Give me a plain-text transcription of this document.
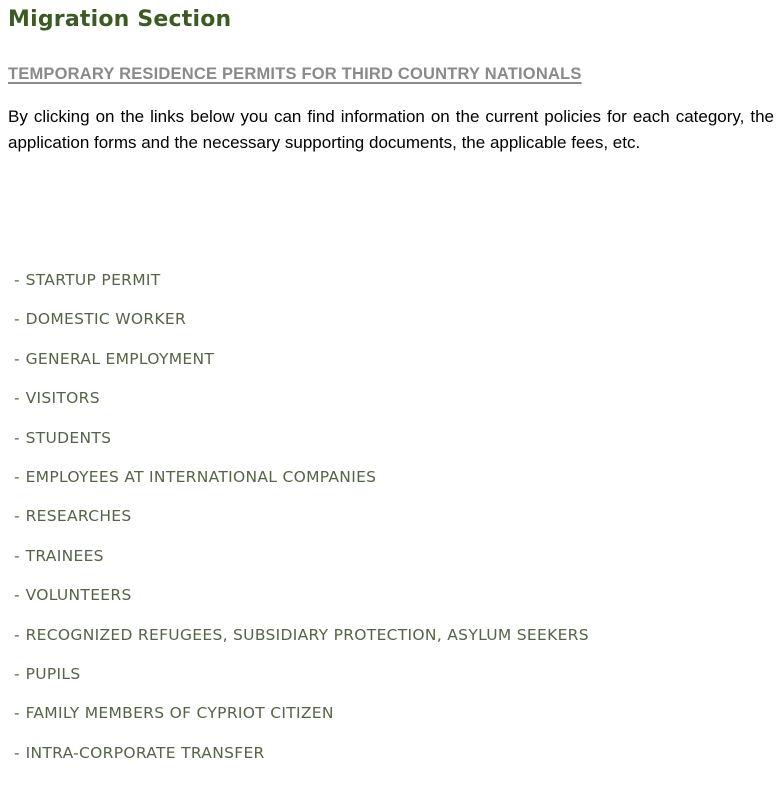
Migration Section
TEMPORARY RESIDENCE PERMITS FOR THIRD COUNTRY NATIONALS

By clicking on the links below you can find information on the current policies for each category, the application forms and the necessary supporting documents, the applicable fees, etc.

- STARTUP PERMIT
- DOMESTIC WORKER
- GENERAL EMPLOYMENT
- VISITORS
- STUDENTS
- EMPLOYEES AT INTERNATIONAL COMPANIES
- RESEARCHES
- TRAINEES
- VOLUNTEERS
- RECOGNIZED REFUGEES, SUBSIDIARY PROTECTION, ASYLUM SEEKERS
- PUPILS
- FAMILY MEMBERS OF CYPRIOT CITIZEN
- INTRA-CORPORATE TRANSFER
